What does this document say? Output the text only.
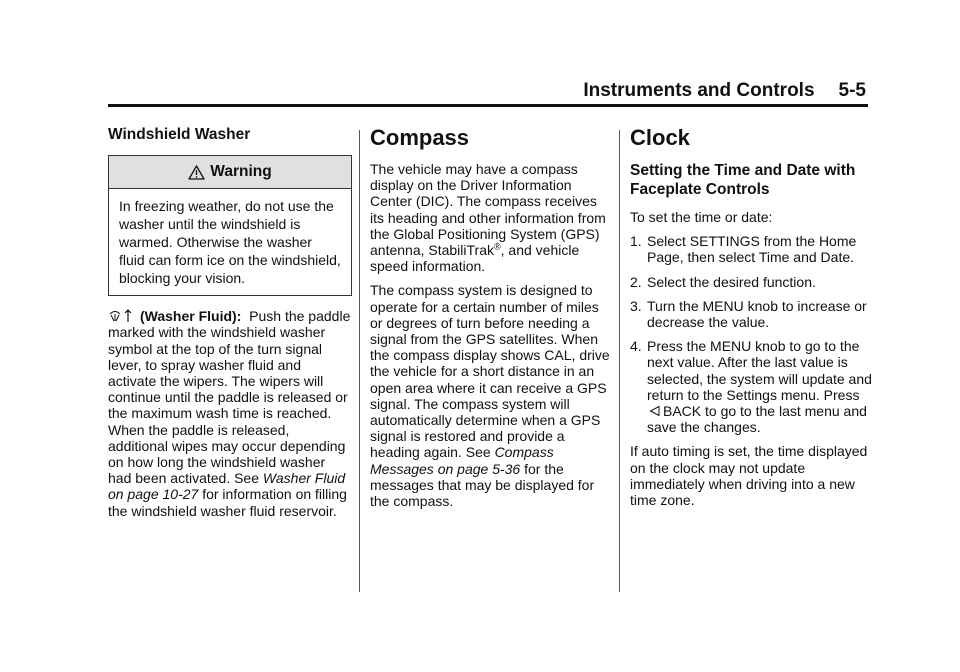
Instruments and Controls 5-5
Windshield Washer
Warning
In freezing weather, do not use the washer until the windshield is warmed. Otherwise the washer fluid can form ice on the windshield, blocking your vision.

(Washer Fluid): Push the paddle marked with the windshield washer symbol at the top of the turn signal lever, to spray washer fluid and activate the wipers. The wipers will continue until the paddle is released or the maximum wash time is reached. When the paddle is released, additional wipes may occur depending on how long the windshield washer had been activated. See Washer Fluid on page 10-27 for information on filling the windshield washer fluid reservoir.

Compass

The vehicle may have a compass display on the Driver Information Center (DIC). The compass receives its heading and other information from the Global Positioning System (GPS) antenna, StabiliTrak®, and vehicle speed information.

The compass system is designed to operate for a certain number of miles or degrees of turn before needing a signal from the GPS satellites. When the compass display shows CAL, drive the vehicle for a short distance in an open area where it can receive a GPS signal. The compass system will automatically determine when a GPS signal is restored and provide a heading again. See Compass Messages on page 5-36 for the messages that may be displayed for the compass.

Clock
Setting the Time and Date with Faceplate Controls

To set the time or date:

1. Select SETTINGS from the Home Page, then select Time and Date.
2. Select the desired function.
3. Turn the MENU knob to increase or decrease the value.
4. Press the MENU knob to go to the next value. After the last value is selected, the system will update and return to the Settings menu. Press BACK to go to the last menu and save the changes.

If auto timing is set, the time displayed on the clock may not update immediately when driving into a new time zone.
